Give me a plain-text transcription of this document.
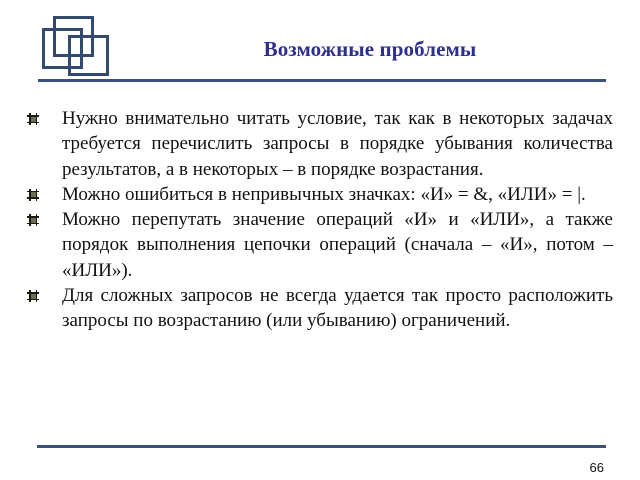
Возможные проблемы
Нужно внимательно читать условие, так как в некоторых задачах требуется перечислить запросы в порядке убывания количества результатов, а в некоторых – в порядке возрастания.
Можно ошибиться в непривычных значках: «И» = &, «ИЛИ» = |.
Можно перепутать значение операций «И» и «ИЛИ», а также порядок выполнения цепочки операций (сначала – «И», потом – «ИЛИ»).
Для сложных запросов не всегда удается так просто расположить запросы по возрастанию (или убыванию) ограничений.
66
